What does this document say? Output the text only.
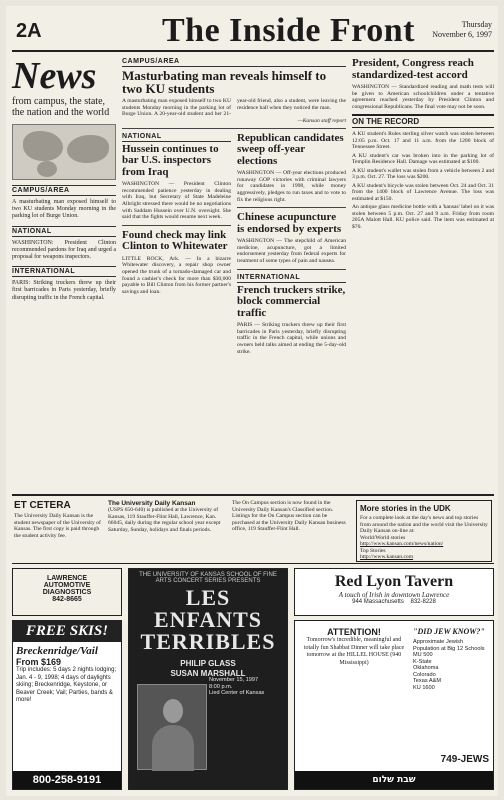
2A	The Inside Front	Thursday
November 6, 1997
News
from campus, the state, the nation and the world
CAMPUS/AREA
A masturbating man exposed himself to two KU students Monday morning in the parking lot of Burge Union.
NATIONAL
WASHINGTON: President Clinton recommended pardons for Iraq and urged a proposal for weapons inspectors.
INTERNATIONAL
PARIS: Striking truckers threw up their first barricades in Paris yesterday, briefly disrupting traffic in the French capital.
CAMPUS/AREA
Masturbating man reveals himself to two KU students
A masturbating man exposed himself to two KU students Monday morning in the parking lot of Burge Union. A 20-year-old student and her 21-year-old friend, also a student, were leaving the residence hall when they noticed the man.
—Kansan staff report
NATIONAL
Hussein continues to bar U.S. inspectors from Iraq
WASHINGTON — President Clinton recommended patience yesterday in dealing with Iraq, but Secretary of State Madeleine Albright stressed there would be no negotiations with Saddam Hussein over U.N. oversight. She said that the fights would resume next week.
Found check may link Clinton to Whitewater
LITTLE ROCK, Ark. — In a bizarre Whitewater discovery, a repair shop owner opened the trunk of a tornado-damaged car and found a cashier's check for more than $30,000 payable to Bill Clinton from his former partner's savings and loan.
Republican candidates sweep off-year elections
WASHINGTON — Off-year elections produced runaway GOP victories with criminal lawyers for candidates in 1998, while money aggressively, pledges to run taxes and to vote to fix the religious right.
Chinese acupuncture is endorsed by experts
WASHINGTON — The stepchild of American medicine, acupuncture, got a limited endorsement yesterday from federal experts for treatment of some types of pain and nausea.
INTERNATIONAL
French truckers strike, block commercial traffic
PARIS — Striking truckers threw up their first barricades in Paris yesterday, briefly disrupting traffic in the French capital, while unions and owners held talks aimed at ending the 5-day-old strike.
President, Congress reach standardized-test accord
WASHINGTON — Standardized reading and math tests will be given to American schoolchildren under a tentative agreement reached yesterday by President Clinton and congressional Republicans. The final vote may not be soon.
ON THE RECORD
A KU student's Rules sterling silver watch was stolen between 12:05 p.m. Oct. 17 and 11 a.m. from the 1200 block of Tennessee Street.
A KU student's car was broken into in the parking lot of Templin Residence Hall. Damage was estimated at $100.
A KU student's wallet was stolen from a vehicle between 2 and 3 p.m. Oct. 27. The loss was $200.
A KU student's bicycle was stolen between Oct. 24 and Oct. 31 from the 1400 block of Lawrence Avenue. The loss was estimated at $150.
An antique glass medicine bottle with a 'kansas' label on it was stolen between 5 p.m. Oct. 27 and 9 a.m. Friday from room 205A Malott Hall. KU police said. The item was estimated at $70.
ET CETERA
The University Daily Kansan is the student newspaper of the University of Kansas. The first copy is paid through the student activity fee.
The University Daily Kansan
(USPS 650-640) is published at the University of Kansas, 119 Stauffer-Flint Hall, Lawrence, Kan. 66045, daily during the regular school year except Saturday, Sunday, holidays and finals periods.
The On Campus section is now found in the University Daily Kansan's Classified section. Listings for the On Campus section can be purchased at the University Daily Kansan business office, 119 Stauffer-Flint Hall.
More stories in the UDK
For a complete look at the day's news and top stories from around the nation and the world visit the University Daily Kansan on-line at:
World/World stories
http://www.kansan.com/news/nation/
Top Stories
http://www.kansan.com
LAWRENCE
AUTOMOTIVE
DIAGNOSTICS
842-8665
FREE SKIS!
Breckenridge/Vail
From $169
Trip includes: 5 days 2 nights lodging; Jan. 4 - 9, 1998; 4 days of daylights skiing; Breckenridge, Keystone, or Beaver Creek; Vail; Parties, bands & more!
800-258-9191
THE UNIVERSITY OF KANSAS SCHOOL OF FINE ARTS CONCERT SERIES PRESENTS
LES ENFANTS TERRIBLES
PHILIP GLASS
SUSAN MARSHALL
November 15, 1997
8:00 p.m.
Lied Center of Kansas
Red Lyon Tavern
A touch of Irish in downtown Lawrence
944 Massachusetts 832-8228
ATTENTION!
Tomorrow's incredible, meaningful and totally fun Shabbat Dinner will take place tomorrow at the HILLEL HOUSE (940 Mississippi)
"DID JEW KNOW?"
Approximate Jewish Population at Big 12 Schools
MU 500
K-State
Oklahoma
Colorado
Texas A&M
KU 1600
749-JEWS
שבת שלום
